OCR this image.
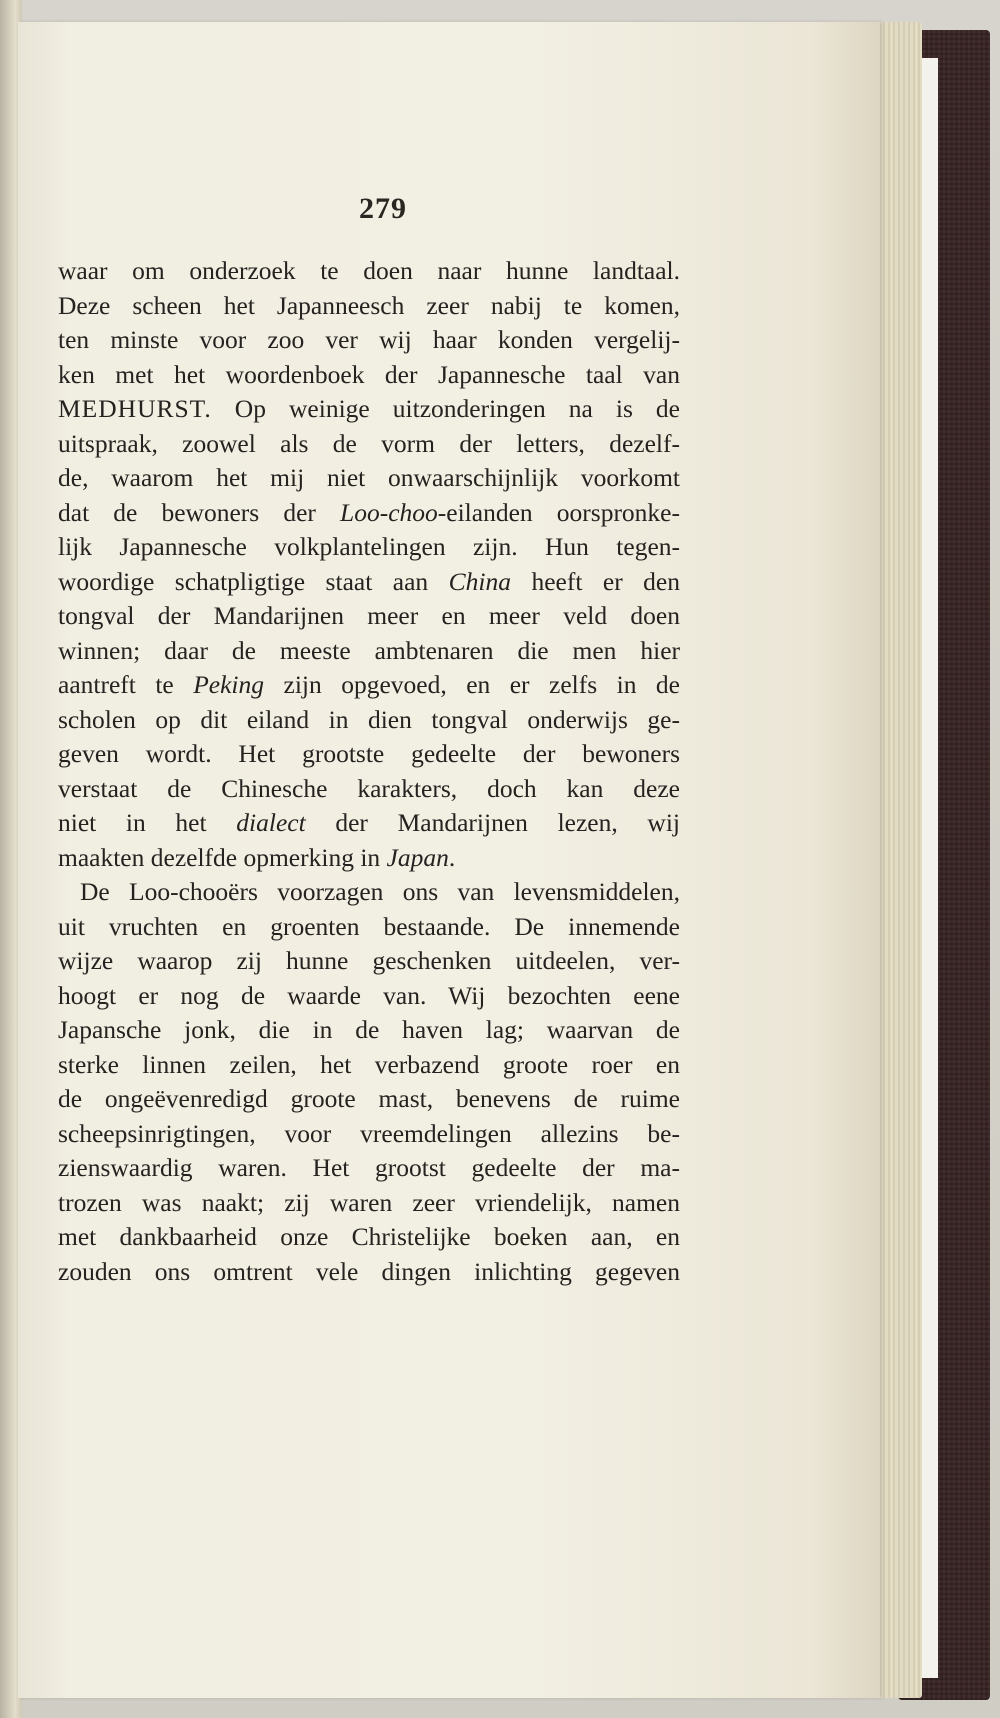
279
waar om onderzoek te doen naar hunne landtaal.
Deze scheen het Japanneesch zeer nabij te komen,
ten minste voor zoo ver wij haar konden vergelij-
ken met het woordenboek der Japannesche taal van
MEDHURST. Op weinige uitzonderingen na is de
uitspraak, zoowel als de vorm der letters, dezelf-
de, waarom het mij niet onwaarschijnlijk voorkomt
dat de bewoners der Loo-choo-eilanden oorspronke-
lijk Japannesche volkplantelingen zijn. Hun tegen-
woordige schatpligtige staat aan China heeft er den
tongval der Mandarijnen meer en meer veld doen
winnen; daar de meeste ambtenaren die men hier
aantreft te Peking zijn opgevoed, en er zelfs in de
scholen op dit eiland in dien tongval onderwijs ge-
geven wordt. Het grootste gedeelte der bewoners
verstaat de Chinesche karakters, doch kan deze
niet in het dialect der Mandarijnen lezen, wij
maakten dezelfde opmerking in Japan.
De Loo-chooërs voorzagen ons van levensmiddelen,
uit vruchten en groenten bestaande. De innemende
wijze waarop zij hunne geschenken uitdeelen, ver-
hoogt er nog de waarde van. Wij bezochten eene
Japansche jonk, die in de haven lag; waarvan de
sterke linnen zeilen, het verbazend groote roer en
de ongeëvenredigd groote mast, benevens de ruime
scheepsinrigtingen, voor vreemdelingen allezins be-
zienswaardig waren. Het grootst gedeelte der ma-
trozen was naakt; zij waren zeer vriendelijk, namen
met dankbaarheid onze Christelijke boeken aan, en
zouden ons omtrent vele dingen inlichting gegeven
